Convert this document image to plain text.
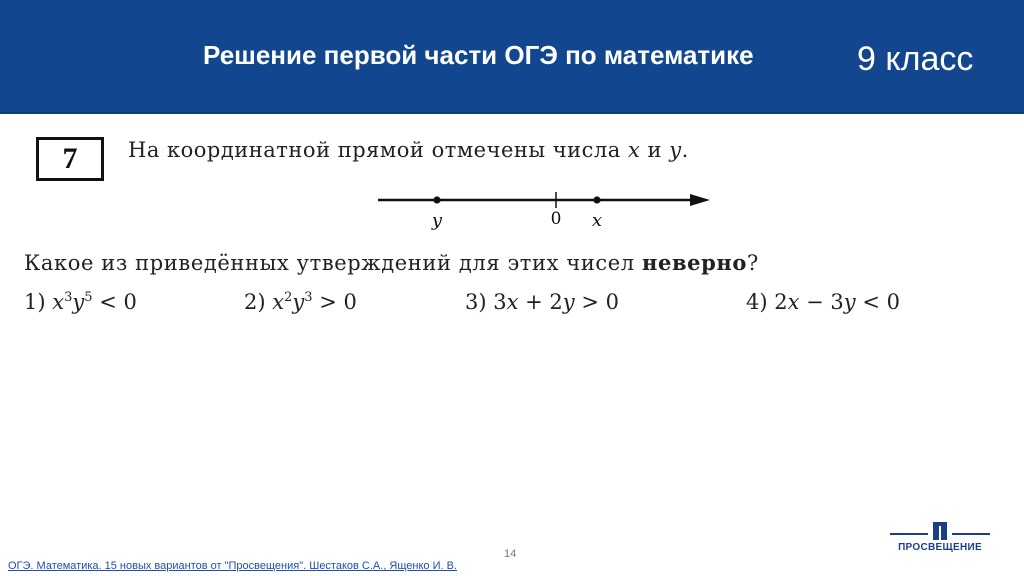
Решение первой части ОГЭ по математике	9 класс
7	На координатной прямой отмечены числа x и y.
y	0 x
Какое из приведённых утверждений для этих чисел неверно?
1) $x^3y^5 < 0$	2) $x^2y^3 > 0$	3) 3x + 2y > 0	4) 2x − 3y < 0
14
ОГЭ. Математика. 15 новых вариантов от "Просвещения". Шестаков С.А., Ященко И. В.
ПРОСВЕЩЕНИЕ
